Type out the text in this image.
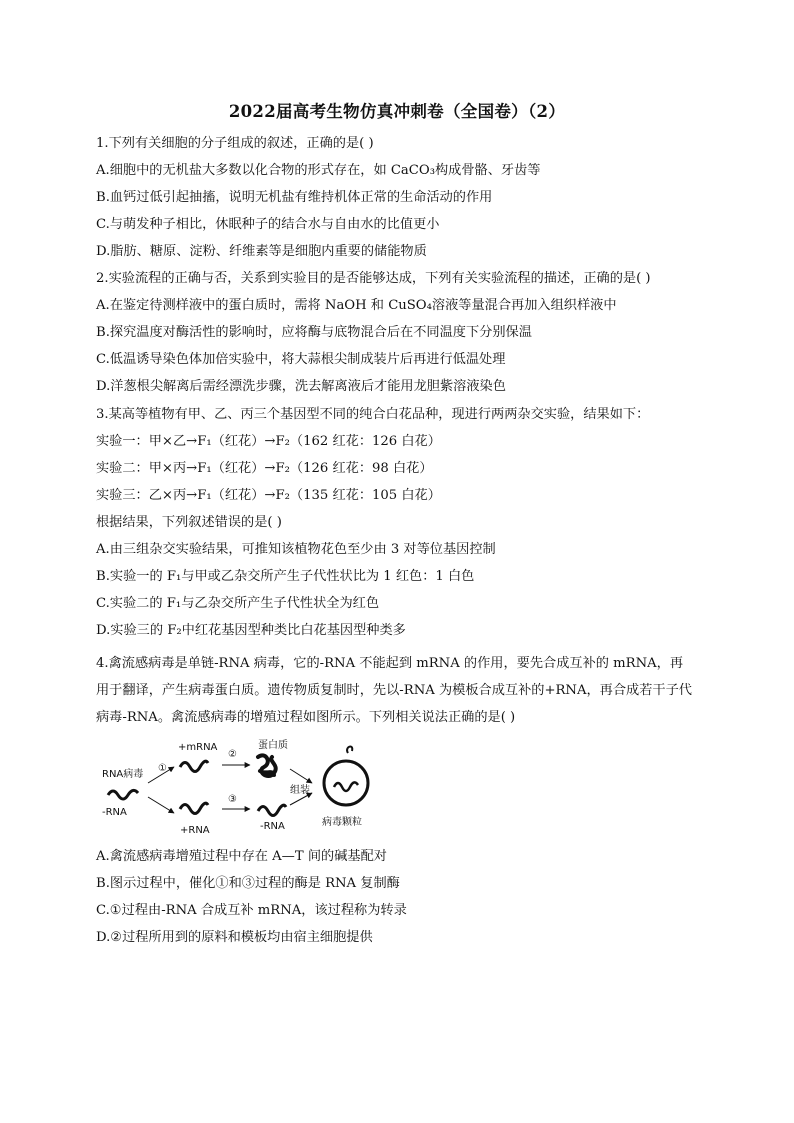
2022届高考生物仿真冲刺卷（全国卷）（2）
1.下列有关细胞的分子组成的叙述，正确的是( )
A.细胞中的无机盐大多数以化合物的形式存在，如 CaCO₃构成骨骼、牙齿等
B.血钙过低引起抽搐，说明无机盐有维持机体正常的生命活动的作用
C.与萌发种子相比，休眠种子的结合水与自由水的比值更小
D.脂肪、糖原、淀粉、纤维素等是细胞内重要的储能物质
2.实验流程的正确与否，关系到实验目的是否能够达成，下列有关实验流程的描述，正确的是( )
A.在鉴定待测样液中的蛋白质时，需将 NaOH 和 CuSO₄溶液等量混合再加入组织样液中
B.探究温度对酶活性的影响时，应将酶与底物混合后在不同温度下分别保温
C.低温诱导染色体加倍实验中，将大蒜根尖制成装片后再进行低温处理
D.洋葱根尖解离后需经漂洗步骤，洗去解离液后才能用龙胆紫溶液染色
3.某高等植物有甲、乙、丙三个基因型不同的纯合白花品种，现进行两两杂交实验，结果如下：
实验一：甲×乙→F₁（红花）→F₂（162 红花：126 白花）
实验二：甲×丙→F₁（红花）→F₂（126 红花：98 白花）
实验三：乙×丙→F₁（红花）→F₂（135 红花：105 白花）
根据结果，下列叙述错误的是( )
A.由三组杂交实验结果，可推知该植物花色至少由 3 对等位基因控制
B.实验一的 F₁与甲或乙杂交所产生子代性状比为 1 红色：1 白色
C.实验二的 F₁与乙杂交所产生子代性状全为红色
D.实验三的 F₂中红花基因型种类比白花基因型种类多
4.禽流感病毒是单链-RNA 病毒，它的-RNA 不能起到 mRNA 的作用，要先合成互补的 mRNA，再用于翻译，产生病毒蛋白质。遗传物质复制时，先以-RNA 为模板合成互补的+RNA，再合成若干子代病毒-RNA。禽流感病毒的增殖过程如图所示。下列相关说法正确的是( )
RNA病毒
-RNA
①
+mRNA
+RNA
②
③
蛋白质
-RNA
组装
病毒颗粒
A.禽流感病毒增殖过程中存在 A—T 间的碱基配对
B.图示过程中，催化①和③过程的酶是 RNA 复制酶
C.①过程由-RNA 合成互补 mRNA，该过程称为转录
D.②过程所用到的原料和模板均由宿主细胞提供
